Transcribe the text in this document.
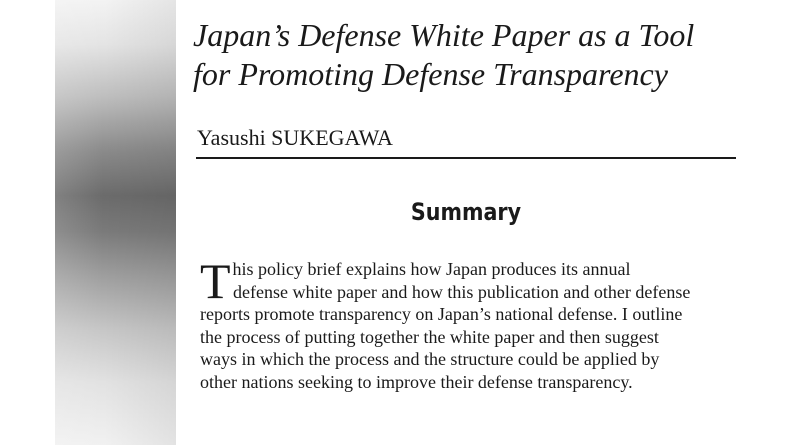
Japan’s Defense White Paper as a Tool
for Promoting Defense Transparency

Yasushi SUKEGAWA

Summary

T his policy brief explains how Japan produces its annual
defense white paper and how this publication and other defense
reports promote transparency on Japan’s national defense. I outline
the process of putting together the white paper and then suggest
ways in which the process and the structure could be applied by
other nations seeking to improve their defense transparency.
